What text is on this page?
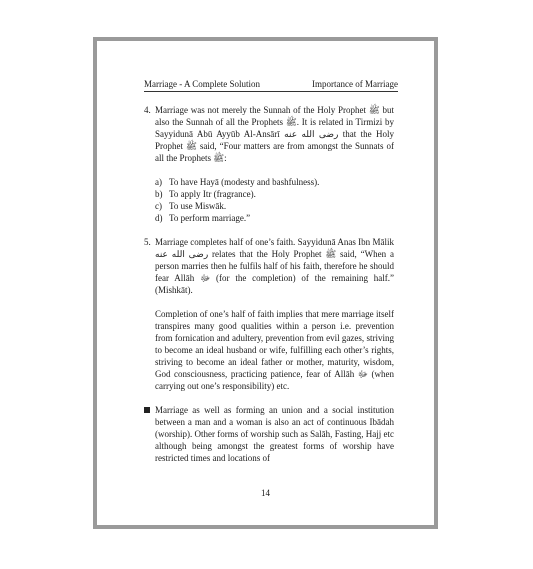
Marriage - A Complete Solution	Importance of Marriage
4. Marriage was not merely the Sunnah of the Holy Prophet ﷺ but also the Sunnah of all the Prophets ﷺ. It is related in Tirmizi by Sayyidunā Abū Ayyūb Al-Ansārī رضی الله عنه that the Holy Prophet ﷺ said, “Four matters are from amongst the Sunnats of all the Prophets ﷺ:
a) To have Hayā (modesty and bashfulness).
b) To apply Itr (fragrance).
c) To use Miswāk.
d) To perform marriage.”
5. Marriage completes half of one’s faith. Sayyidunā Anas Ibn Mālik رضی الله عنه relates that the Holy Prophet ﷺ said, “When a person marries then he fulfils half of his faith, therefore he should fear Allāh ﷻ (for the completion) of the remaining half.” (Mishkāt).
Completion of one’s half of faith implies that mere marriage itself transpires many good qualities within a person i.e. prevention from fornication and adultery, prevention from evil gazes, striving to become an ideal husband or wife, fulfilling each other’s rights, striving to become an ideal father or mother, maturity, wisdom, God consciousness, practicing patience, fear of Allāh ﷻ (when carrying out one’s responsibility) etc.
Marriage as well as forming an union and a social institution between a man and a woman is also an act of continuous Ibādah (worship). Other forms of worship such as Salāh, Fasting, Hajj etc although being amongst the greatest forms of worship have restricted times and locations of
14
